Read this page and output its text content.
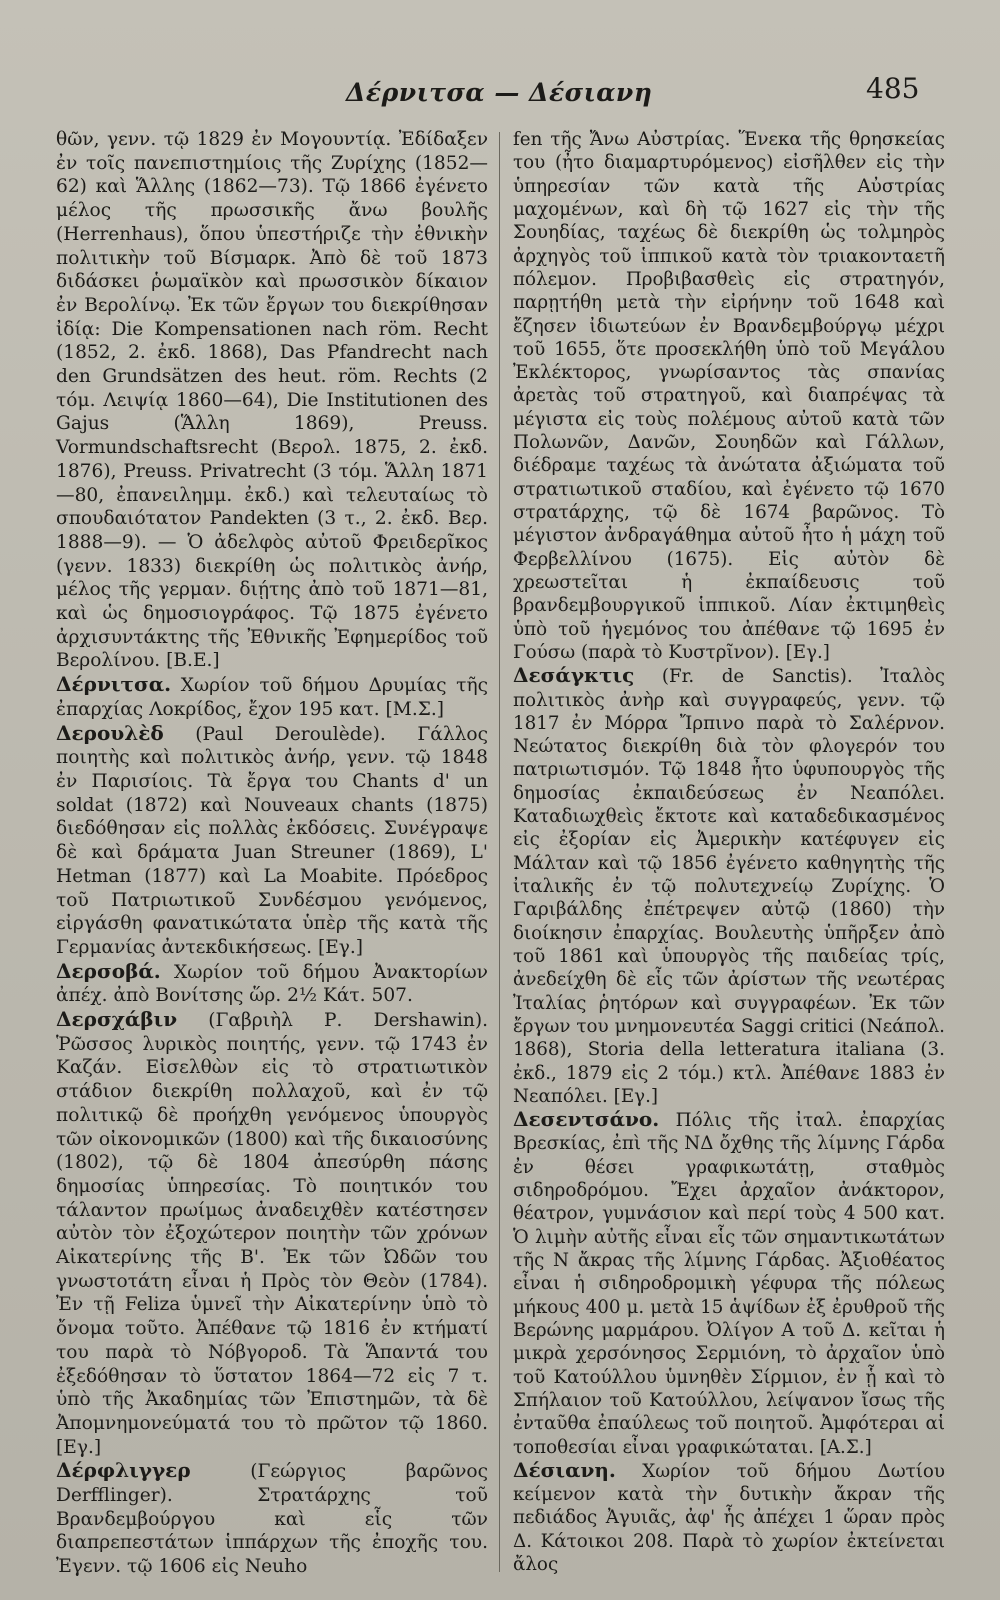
Δέρνιτσα — Δέσιανη	485

θῶν, γενν. τῷ 1829 ἐν Μογουντίᾳ. Ἐδίδαξεν ἐν τοῖς πανεπιστημίοις τῆς Ζυρίχης (1852—62) καὶ Ἅλλης (1862—73). Τῷ 1866 ἐγένετο μέλος τῆς πρωσσικῆς ἄνω βουλῆς (Herrenhaus), ὅπου ὑπεστήριζε τὴν ἐθνικὴν πολιτικὴν τοῦ Βίσμαρκ. Ἀπὸ δὲ τοῦ 1873 διδάσκει ῥωμαϊκὸν καὶ πρωσσικὸν δίκαιον ἐν Βερολίνῳ. Ἐκ τῶν ἔργων του διεκρίθησαν ἰδίᾳ: Die Kompensationen nach röm. Recht (1852, 2. ἐκδ. 1868), Das Pfandrecht nach den Grundsätzen des heut. röm. Rechts (2 τόμ. Λειψίᾳ 1860—64), Die Institutionen des Gajus (Ἅλλη 1869), Preuss. Vormundschaftsrecht (Βερολ. 1875, 2. ἐκδ. 1876), Preuss. Privatrecht (3 τόμ. Ἅλλη 1871—80, ἐπανειλημμ. ἐκδ.) καὶ τελευταίως τὸ σπουδαιότατον Pandekten (3 τ., 2. ἐκδ. Βερ. 1888—9). — Ὁ ἀδελφὸς αὐτοῦ Φρειδερῖκος (γενν. 1833) διεκρίθη ὡς πολιτικὸς ἀνήρ, μέλος τῆς γερμαν. διῄτης ἀπὸ τοῦ 1871—81, καὶ ὡς δημοσιογράφος. Τῷ 1875 ἐγένετο ἀρχισυντάκτης τῆς Ἐθνικῆς Ἐφημερίδος τοῦ Βερολίνου. [Β.Ε.]

Δέρνιτσα. Χωρίον τοῦ δήμου Δρυμίας τῆς ἐπαρχίας Λοκρίδος, ἔχον 195 κατ. [Μ.Σ.]

Δερουλὲδ (Paul Deroulède). Γάλλος ποιητὴς καὶ πολιτικὸς ἀνήρ, γενν. τῷ 1848 ἐν Παρισίοις. Τὰ ἔργα του Chants d' un soldat (1872) καὶ Nouveaux chants (1875) διεδόθησαν εἰς πολλὰς ἐκδόσεις. Συνέγραψε δὲ καὶ δράματα Juan Streuner (1869), L' Hetman (1877) καὶ La Moabite. Πρόεδρος τοῦ Πατριωτικοῦ Συνδέσμου γενόμενος, εἰργάσθη φανατικώτατα ὑπὲρ τῆς κατὰ τῆς Γερμανίας ἀντεκδικήσεως. [Εγ.]

Δερσοβά. Χωρίον τοῦ δήμου Ἀνακτορίων ἀπέχ. ἀπὸ Βονίτσης ὥρ. 2½ Κάτ. 507.

Δερσχάβιν (Γαβριὴλ Ρ. Dershawin). Ῥῶσσος λυρικὸς ποιητής, γενν. τῷ 1743 ἐν Καζάν. Εἰσελθὼν εἰς τὸ στρατιωτικὸν στάδιον διεκρίθη πολλαχοῦ, καὶ ἐν τῷ πολιτικῷ δὲ προήχθη γενόμενος ὑπουργὸς τῶν οἰκονομικῶν (1800) καὶ τῆς δικαιοσύνης (1802), τῷ δὲ 1804 ἀπεσύρθη πάσης δημοσίας ὑπηρεσίας. Τὸ ποιητικόν του τάλαντον πρωίμως ἀναδειχθὲν κατέστησεν αὐτὸν τὸν ἐξοχώτερον ποιητὴν τῶν χρόνων Αἰκατερίνης τῆς Β'. Ἐκ τῶν Ὠδῶν του γνωστοτάτη εἶναι ἡ Πρὸς τὸν Θεὸν (1784). Ἐν τῇ Feliza ὑμνεῖ τὴν Αἰκατερίνην ὑπὸ τὸ ὄνομα τοῦτο. Ἀπέθανε τῷ 1816 ἐν κτήματί του παρὰ τὸ Νόβγοροδ. Τὰ Ἅπαντά του ἐξεδόθησαν τὸ ὕστατον 1864—72 εἰς 7 τ. ὑπὸ τῆς Ἀκαδημίας τῶν Ἐπιστημῶν, τὰ δὲ Ἀπομνημονεύματά του τὸ πρῶτον τῷ 1860. [Εγ.]

Δέρφλιγγερ (Γεώργιος βαρῶνος Derfflinger). Στρατάρχης τοῦ Βρανδεμβούργου καὶ εἷς τῶν διαπρεπεστάτων ἱππάρχων τῆς ἐποχῆς του. Ἐγενν. τῷ 1606 εἰς Neuho

fen τῆς Ἄνω Αὐστρίας. Ἕνεκα τῆς θρησκείας του (ἦτο διαμαρτυρόμενος) εἰσῆλθεν εἰς τὴν ὑπηρεσίαν τῶν κατὰ τῆς Αὐστρίας μαχομένων, καὶ δὴ τῷ 1627 εἰς τὴν τῆς Σουηδίας, ταχέως δὲ διεκρίθη ὡς τολμηρὸς ἀρχηγὸς τοῦ ἱππικοῦ κατὰ τὸν τριακονταετῆ πόλεμον. Προβιβασθεὶς εἰς στρατηγόν, παρῃτήθη μετὰ τὴν εἰρήνην τοῦ 1648 καὶ ἔζησεν ἰδιωτεύων ἐν Βρανδεμβούργῳ μέχρι τοῦ 1655, ὅτε προσεκλήθη ὑπὸ τοῦ Μεγάλου Ἐκλέκτορος, γνωρίσαντος τὰς σπανίας ἀρετὰς τοῦ στρατηγοῦ, καὶ διαπρέψας τὰ μέγιστα εἰς τοὺς πολέμους αὐτοῦ κατὰ τῶν Πολωνῶν, Δανῶν, Σουηδῶν καὶ Γάλλων, διέδραμε ταχέως τὰ ἀνώτατα ἀξιώματα τοῦ στρατιωτικοῦ σταδίου, καὶ ἐγένετο τῷ 1670 στρατάρχης, τῷ δὲ 1674 βαρῶνος. Τὸ μέγιστον ἀνδραγάθημα αὐτοῦ ἦτο ἡ μάχη τοῦ Φερβελλίνου (1675). Εἰς αὐτὸν δὲ χρεωστεῖται ἡ ἐκπαίδευσις τοῦ βρανδεμβουργικοῦ ἱππικοῦ. Λίαν ἐκτιμηθεὶς ὑπὸ τοῦ ἡγεμόνος του ἀπέθανε τῷ 1695 ἐν Γούσω (παρὰ τὸ Κυστρῖνον). [Εγ.]

Δεσάγκτις (Fr. de Sanctis). Ἰταλὸς πολιτικὸς ἀνὴρ καὶ συγγραφεύς, γενν. τῷ 1817 ἐν Μόρρα Ἴρπινο παρὰ τὸ Σαλέρνον. Νεώτατος διεκρίθη διὰ τὸν φλογερόν του πατριωτισμόν. Τῷ 1848 ἦτο ὑφυπουργὸς τῆς δημοσίας ἐκπαιδεύσεως ἐν Νεαπόλει. Καταδιωχθεὶς ἔκτοτε καὶ καταδεδικασμένος εἰς ἐξορίαν εἰς Ἀμερικὴν κατέφυγεν εἰς Μάλταν καὶ τῷ 1856 ἐγένετο καθηγητὴς τῆς ἰταλικῆς ἐν τῷ πολυτεχνείῳ Ζυρίχης. Ὁ Γαριβάλδης ἐπέτρεψεν αὐτῷ (1860) τὴν διοίκησιν ἐπαρχίας. Βουλευτὴς ὑπῆρξεν ἀπὸ τοῦ 1861 καὶ ὑπουργὸς τῆς παιδείας τρίς, ἀνεδείχθη δὲ εἷς τῶν ἀρίστων τῆς νεωτέρας Ἰταλίας ῥητόρων καὶ συγγραφέων. Ἐκ τῶν ἔργων του μνημονευτέα Saggi critici (Νεάπολ. 1868), Storia della letteratura italiana (3. ἐκδ., 1879 εἰς 2 τόμ.) κτλ. Ἀπέθανε 1883 ἐν Νεαπόλει. [Εγ.]

Δεσεντσάνο. Πόλις τῆς ἰταλ. ἐπαρχίας Βρεσκίας, ἐπὶ τῆς ΝΔ ὄχθης τῆς λίμνης Γάρδα ἐν θέσει γραφικωτάτῃ, σταθμὸς σιδηροδρόμου. Ἔχει ἀρχαῖον ἀνάκτορον, θέατρον, γυμνάσιον καὶ περί τοὺς 4 500 κατ. Ὁ λιμὴν αὐτῆς εἶναι εἷς τῶν σημαντικωτάτων τῆς Ν ἄκρας τῆς λίμνης Γάρδας. Ἀξιοθέατος εἶναι ἡ σιδηροδρομικὴ γέφυρα τῆς πόλεως μήκους 400 μ. μετὰ 15 ἁψίδων ἐξ ἐρυθροῦ τῆς Βερώνης μαρμάρου. Ὀλίγον Α τοῦ Δ. κεῖται ἡ μικρὰ χερσόνησος Σερμιόνη, τὸ ἀρχαῖον ὑπὸ τοῦ Κατούλλου ὑμνηθὲν Σίρμιον, ἐν ᾗ καὶ τὸ Σπήλαιον τοῦ Κατούλλου, λείψανον ἴσως τῆς ἐνταῦθα ἐπαύλεως τοῦ ποιητοῦ. Ἀμφότεραι αἱ τοποθεσίαι εἶναι γραφικώταται. [Α.Σ.]

Δέσιανη. Χωρίον τοῦ δήμου Δωτίου κείμενον κατὰ τὴν δυτικὴν ἄκραν τῆς πεδιάδος Ἀγυιᾶς, ἀφ' ἧς ἀπέχει 1 ὥραν πρὸς Δ. Κάτοικοι 208. Παρὰ τὸ χωρίον ἐκτείνεται ἄλος
